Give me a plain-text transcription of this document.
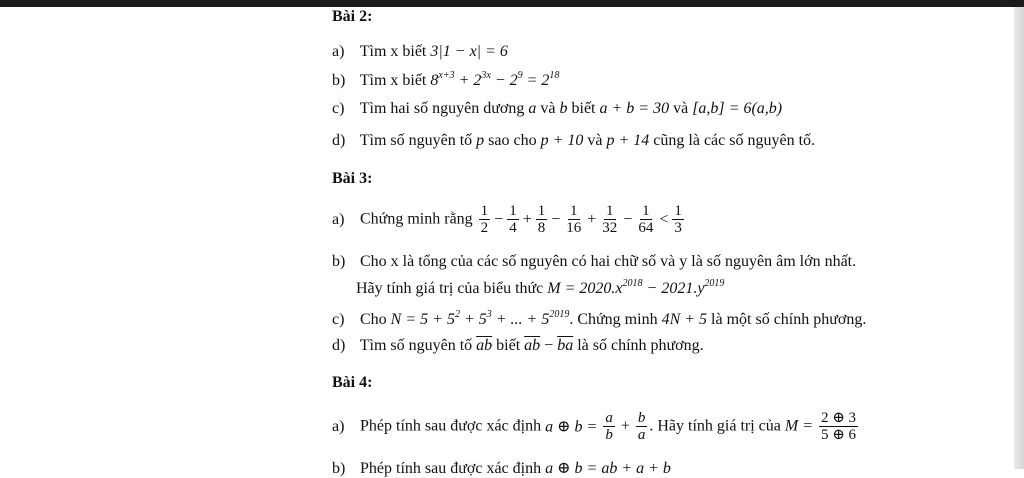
Bài 2:
a) Tìm x biết 3|1 − x| = 6
b) Tìm x biết $8^{x+3} + 2^{3x} - 2^9 = 2^{18}$
c) Tìm hai số nguyên dương a và b biết a + b = 30 và [a,b] = 6(a,b)
d) Tìm số nguyên tố p sao cho p + 10 và p + 14 cũng là các số nguyên tố.
Bài 3:
a) Chứng minh rằng $\frac{1}{2} - \frac{1}{4} + \frac{1}{8} - \frac{1}{16} + \frac{1}{32} - \frac{1}{64} < \frac{1}{3}$
b) Cho x là tổng của các số nguyên có hai chữ số và y là số nguyên âm lớn nhất.
Hãy tính giá trị của biểu thức $M = 2020.x^{2018} - 2021.y^{2019}$
c) Cho $N = 5 + 5^2 + 5^3$ + ... + $5^{2019}$. Chứng minh 4N + 5 là một số chính phương.
d) Tìm số nguyên tố $\overline{ab}$ biết $\overline{ab} - \overline{ba}$ là số chính phương.
Bài 4:
a) Phép tính sau được xác định a ⊕ $b = \frac{a}{b} + \frac{b}{a}$ . Hãy tính giá trị của $M = \frac{2 \oplus 3}{5 \oplus 6}$
b) Phép tính sau được xác định a ⊕ b = ab + a + b
